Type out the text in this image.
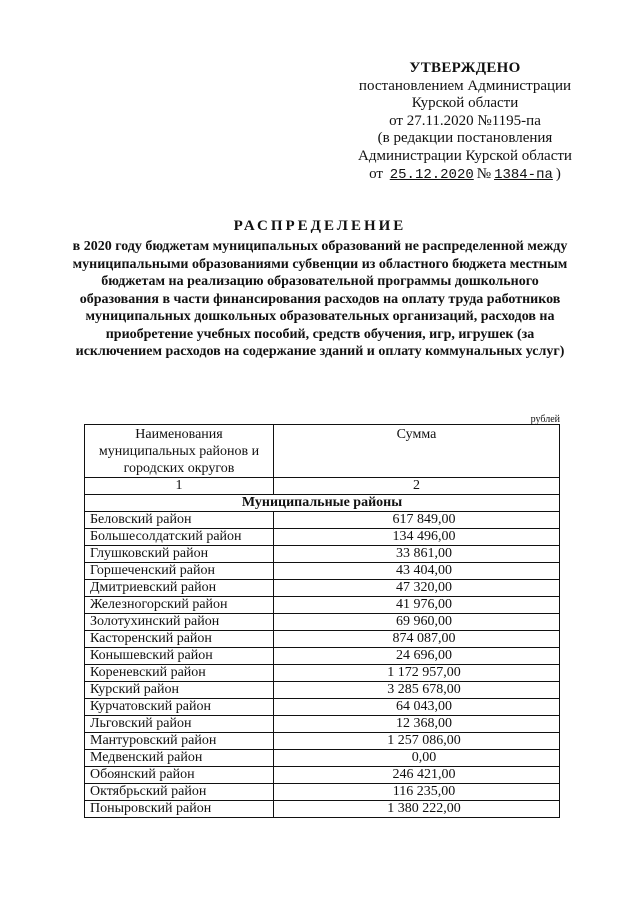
УТВЕРЖДЕНО
постановлением Администрации
Курской области
от 27.11.2020 №1195-па
(в редакции постановления
Администрации Курской области
от 25.12.2020 № 1384-па )
РАСПРЕДЕЛЕНИЕ
в 2020 году бюджетам муниципальных образований не распределенной между муниципальными образованиями субвенции из областного бюджета местным бюджетам на реализацию образовательной программы дошкольного образования в части финансирования расходов на оплату труда работников муниципальных дошкольных образовательных организаций, расходов на приобретение учебных пособий, средств обучения, игр, игрушек (за исключением расходов на содержание зданий и оплату коммунальных услуг)
рублей
Наименования муниципальных районов и городских округов	Сумма
1	2
Муниципальные районы	
Беловский район	617 849,00
Большесолдатский район	134 496,00
Глушковский район	33 861,00
Горшеченский район	43 404,00
Дмитриевский район	47 320,00
Железногорский район	41 976,00
Золотухинский район	69 960,00
Касторенский район	874 087,00
Конышевский район	24 696,00
Кореневский район	1 172 957,00
Курский район	3 285 678,00
Курчатовский район	64 043,00
Льговский район	12 368,00
Мантуровский район	1 257 086,00
Медвенский район	0,00
Обоянский район	246 421,00
Октябрьский район	116 235,00
Поныровский район	1 380 222,00
